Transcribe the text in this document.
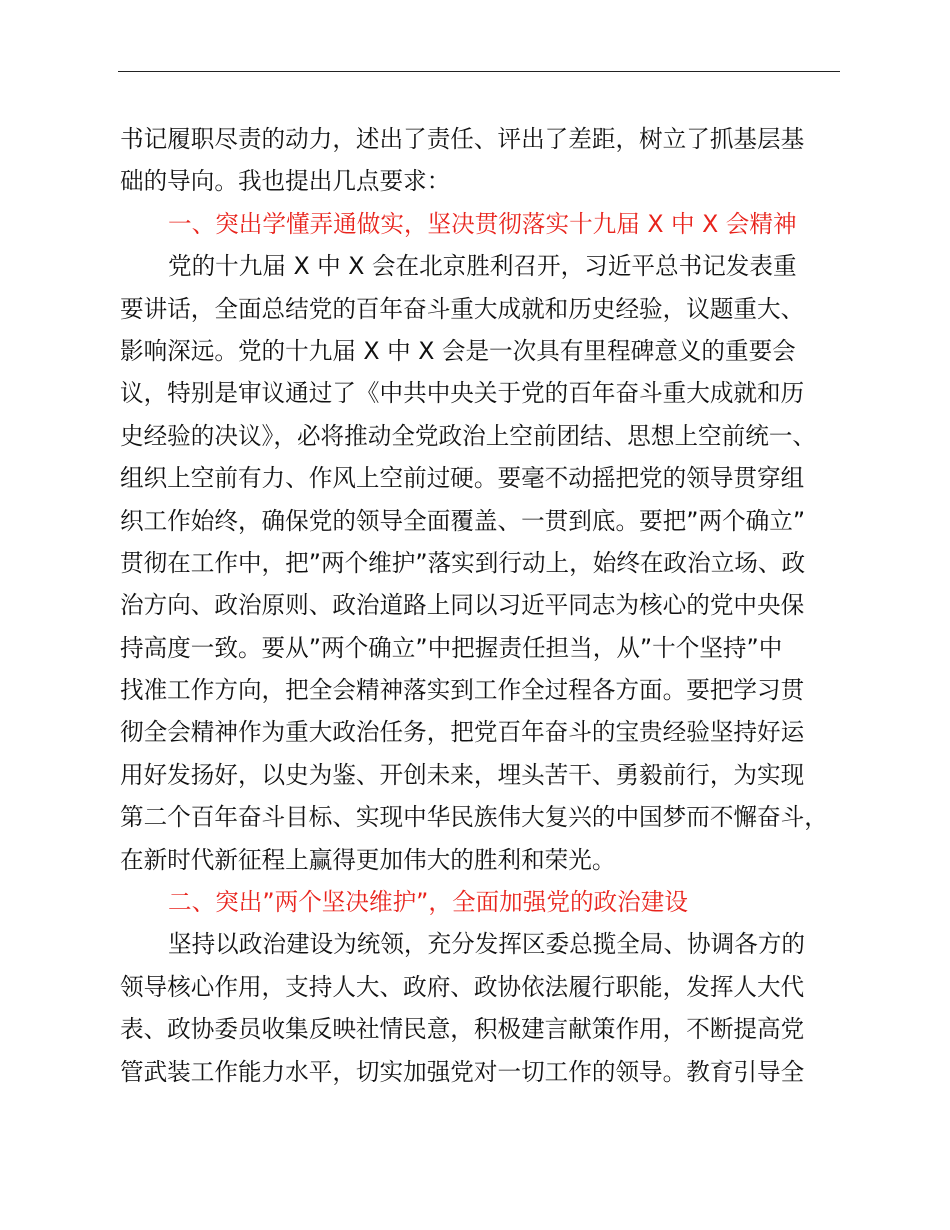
书记履职尽责的动力，述出了责任、评出了差距，树立了抓基层基
础的导向。我也提出几点要求：
一、突出学懂弄通做实，坚决贯彻落实十九届 X 中 X 会精神
党的十九届 X 中 X 会在北京胜利召开，习近平总书记发表重
要讲话，全面总结党的百年奋斗重大成就和历史经验，议题重大、
影响深远。党的十九届 X 中 X 会是一次具有里程碑意义的重要会
议，特别是审议通过了《中共中央关于党的百年奋斗重大成就和历
史经验的决议》，必将推动全党政治上空前团结、思想上空前统一、
组织上空前有力、作风上空前过硬。要毫不动摇把党的领导贯穿组
织工作始终，确保党的领导全面覆盖、一贯到底。要把”两个确立”
贯彻在工作中，把”两个维护”落实到行动上，始终在政治立场、政
治方向、政治原则、政治道路上同以习近平同志为核心的党中央保
持高度一致。要从”两个确立”中把握责任担当，从”十个坚持”中
找准工作方向，把全会精神落实到工作全过程各方面。要把学习贯
彻全会精神作为重大政治任务，把党百年奋斗的宝贵经验坚持好运
用好发扬好，以史为鉴、开创未来，埋头苦干、勇毅前行，为实现
第二个百年奋斗目标、实现中华民族伟大复兴的中国梦而不懈奋斗，
在新时代新征程上赢得更加伟大的胜利和荣光。
二、突出”两个坚决维护”，全面加强党的政治建设
坚持以政治建设为统领，充分发挥区委总揽全局、协调各方的
领导核心作用，支持人大、政府、政协依法履行职能，发挥人大代
表、政协委员收集反映社情民意，积极建言献策作用，不断提高党
管武装工作能力水平，切实加强党对一切工作的领导。教育引导全
